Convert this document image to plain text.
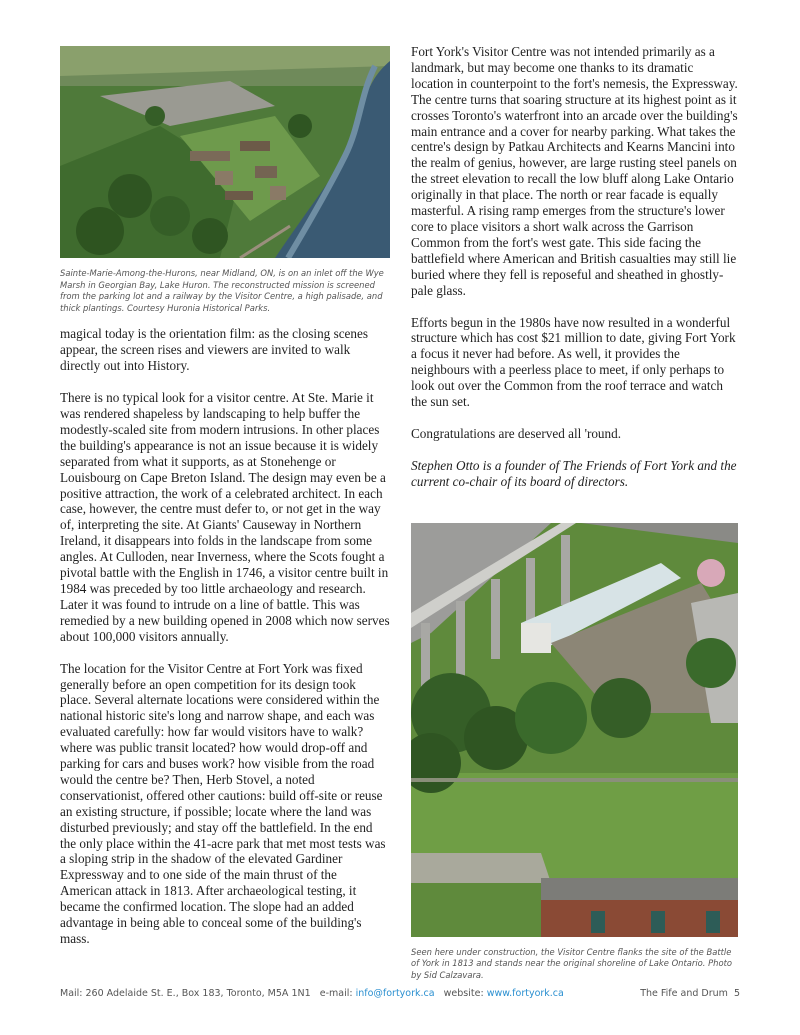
Sainte-Marie-Among-the-Hurons, near Midland, ON, is on an inlet off the Wye Marsh in Georgian Bay, Lake Huron. The reconstructed mission is screened from the parking lot and a railway by the Visitor Centre, a high palisade, and thick plantings. Courtesy Huronia Historical Parks.

magical today is the orientation film: as the closing scenes appear, the screen rises and viewers are invited to walk directly out into History.

There is no typical look for a visitor centre. At Ste. Marie it was rendered shapeless by landscaping to help buffer the modestly-scaled site from modern intrusions. In other places the building's appearance is not an issue because it is widely separated from what it supports, as at Stonehenge or Louisbourg on Cape Breton Island. The design may even be a positive attraction, the work of a celebrated architect. In each case, however, the centre must defer to, or not get in the way of, interpreting the site. At Giants' Causeway in Northern Ireland, it disappears into folds in the landscape from some angles. At Culloden, near Inverness, where the Scots fought a pivotal battle with the English in 1746, a visitor centre built in 1984 was preceded by too little archaeology and research. Later it was found to intrude on a line of battle. This was remedied by a new building opened in 2008 which now serves about 100,000 visitors annually.

The location for the Visitor Centre at Fort York was fixed generally before an open competition for its design took place. Several alternate locations were considered within the national historic site's long and narrow shape, and each was evaluated carefully: how far would visitors have to walk? where was public transit located? how would drop-off and parking for cars and buses work? how visible from the road would the centre be? Then, Herb Stovel, a noted conservationist, offered other cautions: build off-site or reuse an existing structure, if possible; locate where the land was disturbed previously; and stay off the battlefield. In the end the only place within the 41-acre park that met most tests was a sloping strip in the shadow of the elevated Gardiner Expressway and to one side of the main thrust of the American attack in 1813. After archaeological testing, it became the confirmed location. The slope had an added advantage in being able to conceal some of the building's mass.

Fort York's Visitor Centre was not intended primarily as a landmark, but may become one thanks to its dramatic location in counterpoint to the fort's nemesis, the Expressway. The centre turns that soaring structure at its highest point as it crosses Toronto's waterfront into an arcade over the building's main entrance and a cover for nearby parking. What takes the centre's design by Patkau Architects and Kearns Mancini into the realm of genius, however, are large rusting steel panels on the street elevation to recall the low bluff along Lake Ontario originally in that place. The north or rear facade is equally masterful. A rising ramp emerges from the structure's lower core to place visitors a short walk across the Garrison Common from the fort's west gate. This side facing the battlefield where American and British casualties may still lie buried where they fell is reposeful and sheathed in ghostly-pale glass.

Efforts begun in the 1980s have now resulted in a wonderful structure which has cost $21 million to date, giving Fort York a focus it never had before. As well, it provides the neighbours with a peerless place to meet, if only perhaps to look out over the Common from the roof terrace and watch the sun set.

Congratulations are deserved all 'round.

Stephen Otto is a founder of The Friends of Fort York and the current co-chair of its board of directors.

Seen here under construction, the Visitor Centre flanks the site of the Battle of York in 1813 and stands near the original shoreline of Lake Ontario. Photo by Sid Calzavara.

Mail: 260 Adelaide St. E., Box 183, Toronto, M5A 1N1 e-mail: info@fortyork.ca website: www.fortyork.ca	The Fife and Drum 5
